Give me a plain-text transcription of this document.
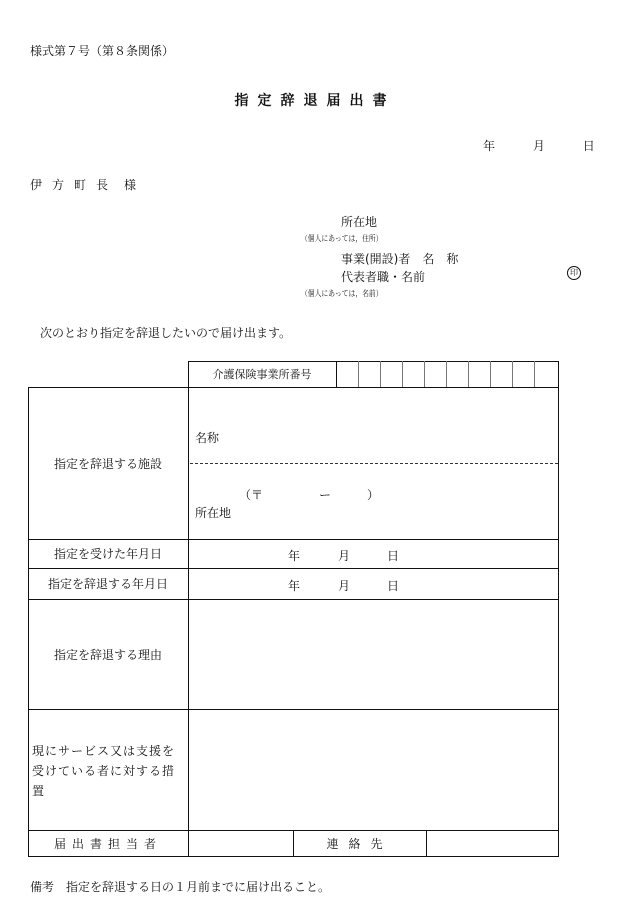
様式第７号（第８条関係）
指定辞退届出書
年	月	日
伊方町長 様
所在地
（個人にあっては，住所）
事業(開設)者　名　称
代表者職・名前	印
（個人にあっては，名前）
次のとおり指定を辞退したいので届け出ます。
介護保険事業所番号
指定を辞退する施設
名称
（〒	ー	）
所在地
指定を受けた年月日	年	月	日
指定を辞退する年月日	年	月	日
指定を辞退する理由
現にサービス又は支援を受けている者に対する措置
届出書担当者	連絡先
備考　指定を辞退する日の１月前までに届け出ること。
